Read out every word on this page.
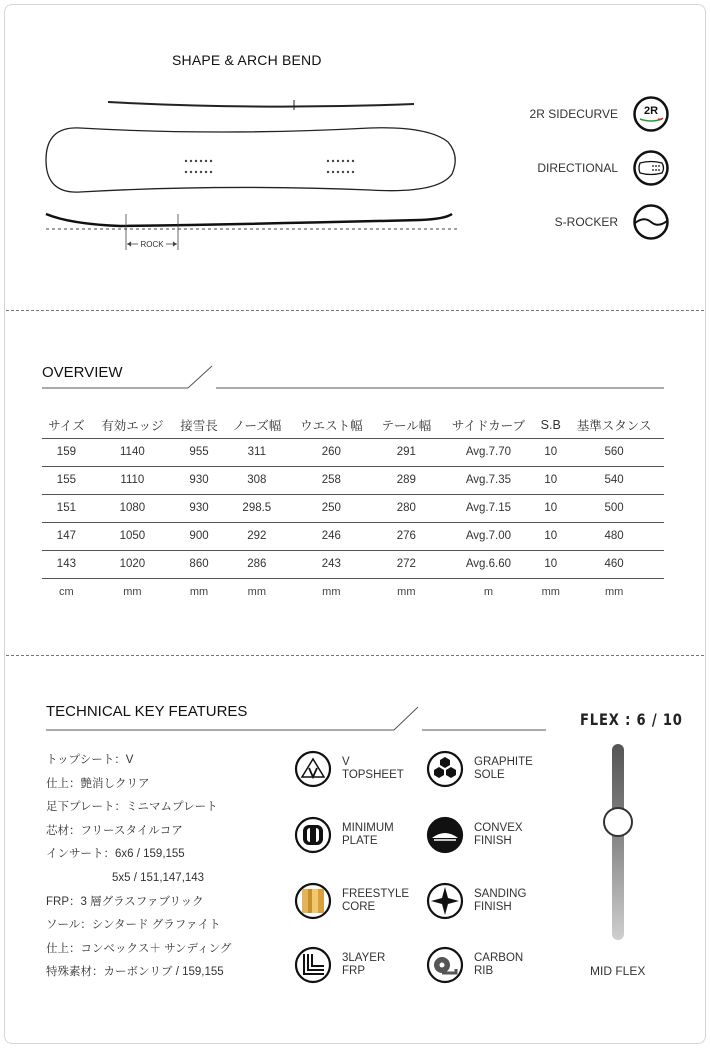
SHAPE & ARCH BEND
ROCK
2R SIDECURVE 2R
DIRECTIONAL
S-ROCKER
OVERVIEW
サイズ	有効エッジ	接雪長	ノーズ幅	ウエスト幅	テール幅	サイドカーブ	S.B	基準スタンス
159	1140	955	311	260	291	Avg.7.70	10	560
155	1110	930	308	258	289	Avg.7.35	10	540
151	1080	930	298.5	250	280	Avg.7.15	10	500
147	1050	900	292	246	276	Avg.7.00	10	480
143	1020	860	286	243	272	Avg.6.60	10	460
cm	mm	mm	mm	mm	mm	m	mm	mm
TECHNICAL KEY FEATURES
トップシート：V
仕上：艶消しクリア
足下プレート：ミニマムプレート
芯材：フリースタイルコア
インサート：6x6 / 159,155
5x5 / 151,147,143
FRP：3 層グラスファブリック
ソール：シンタード グラファイト
仕上：コンベックス＋ サンディング
特殊素材：カーボンリブ / 159,155
V
TOPSHEET
GRAPHITE
SOLE
MINIMUM
PLATE
CONVEX
FINISH
FREESTYLE
CORE
SANDING
FINISH
3LAYER
FRP
CARBON
RIB
FLEX : 6 / 10
MID FLEX
